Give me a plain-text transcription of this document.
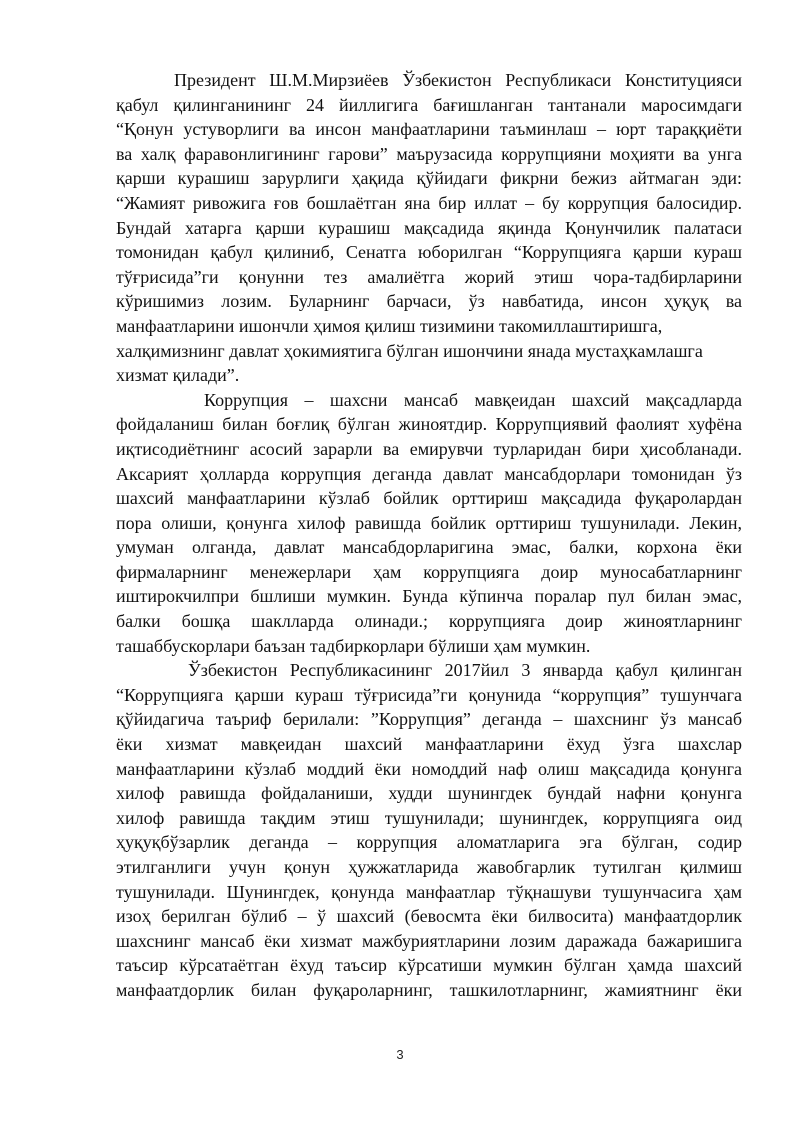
Президент Ш.М.Мирзиёев Ўзбекистон Республикаси Конституцияси
қабул қилинганининг 24 йиллигига бағишланган тантанали маросимдаги
“Қонун устуворлиги ва инсон манфаатларини таъминлаш – юрт тараққиёти
ва халқ фаравонлигининг гарови” маърузасида коррупцияни моҳияти ва унга
қарши курашиш зарурлиги ҳақида қўйидаги фикрни бежиз айтмаган эди:
“Жамият ривожига ғов бошлаётган яна бир иллат – бу коррупция балосидир.
Бундай хатарга қарши курашиш мақсадида яқинда Қонунчилик палатаси
томонидан қабул қилиниб, Сенатга юборилган “Коррупцияга қарши кураш
тўғрисида”ги қонунни тез амалиётга жорий этиш чора-тадбирларини
кўришимиз лозим. Буларнинг барчаси, ўз навбатида, инсон ҳуқуқ ва
манфаатларини ишончли ҳимоя қилиш тизимини такомиллаштиришга,
халқимизнинг давлат ҳокимиятига бўлган ишончини янада мустаҳкамлашга
хизмат қилади”.
Коррупция – шахсни мансаб мавқеидан шахсий мақсадларда
фойдаланиш билан боғлиқ бўлган жиноятдир. Коррупциявий фаолият хуфёна
иқтисодиётнинг асосий зарарли ва емирувчи турларидан бири ҳисобланади.
Аксарият ҳолларда коррупция деганда давлат мансабдорлари томонидан ўз
шахсий манфаатларини кўзлаб бойлик орттириш мақсадида фуқаролардан
пора олиши, қонунга хилоф равишда бойлик орттириш тушунилади. Лекин,
умуман олганда, давлат мансабдорларигина эмас, балки, корхона ёки
фирмаларнинг менежерлари ҳам коррупцияга доир муносабатларнинг
иштирокчилпри бшлиши мумкин. Бунда кўпинча поралар пул билан эмас,
балки бошқа шаклларда олинади.; коррупцияга доир жиноятларнинг
ташаббускорлари баъзан тадбиркорлари бўлиши ҳам мумкин.
Ўзбекистон Республикасининг 2017йил 3 январда қабул қилинган
“Коррупцияга қарши кураш тўғрисида”ги қонунида “коррупция” тушунчага
қўйидагича таъриф берилали: ”Коррупция” деганда – шахснинг ўз мансаб
ёки хизмат мавқеидан шахсий манфаатларини ёхуд ўзга шахслар
манфаатларини кўзлаб моддий ёки номоддий наф олиш мақсадида қонунга
хилоф равишда фойдаланиши, худди шунингдек бундай нафни қонунга
хилоф равишда тақдим этиш тушунилади; шунингдек, коррупцияга оид
ҳуқуқбўзарлик деганда – коррупция аломатларига эга бўлган, содир
этилганлиги учун қонун ҳужжатларида жавобгарлик тутилган қилмиш
тушунилади. Шунингдек, қонунда манфаатлар тўқнашуви тушунчасига ҳам
изоҳ берилган бўлиб – ў шахсий (бевосмта ёки билвосита) манфаатдорлик
шахснинг мансаб ёки хизмат мажбуриятларини лозим даражада бажаришига
таъсир кўрсатаётган ёхуд таъсир кўрсатиши мумкин бўлган ҳамда шахсий
манфаатдорлик билан фуқароларнинг, ташкилотларнинг, жамиятнинг ёки
3
